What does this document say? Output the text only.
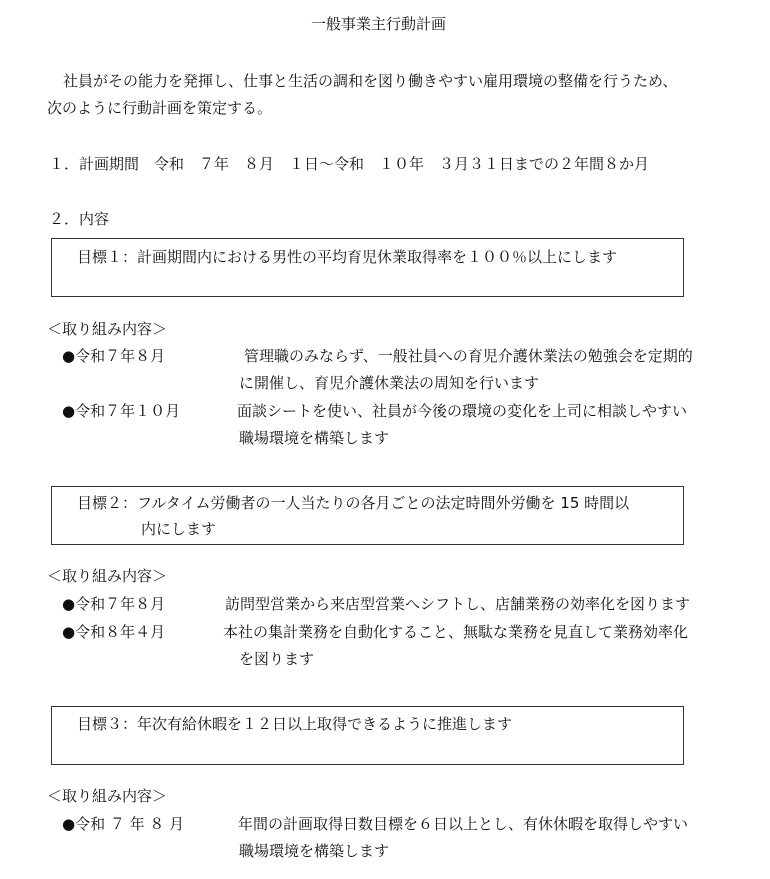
一般事業主行動計画
社員がその能力を発揮し、仕事と生活の調和を図り働きやすい雇用環境の整備を行うため、
次のように行動計画を策定する。
１．計画期間　令和　７年　８月　１日～令和　１０年　３月３１日までの２年間８か月
２．内容
目標１：計画期間内における男性の平均育児休業取得率を１００％以上にします
＜取り組み内容＞
●令和７年８月	管理職のみならず、一般社員への育児介護休業法の勉強会を定期的
に開催し、育児介護休業法の周知を行います
●令和７年１０月	面談シートを使い、社員が今後の環境の変化を上司に相談しやすい
職場環境を構築します
目標２：フルタイム労働者の一人当たりの各月ごとの法定時間外労働を 15 時間以
内にします
＜取り組み内容＞
●令和７年８月	訪問型営業から来店型営業へシフトし、店舗業務の効率化を図ります
●令和８年４月	本社の集計業務を自動化すること、無駄な業務を見直して業務効率化
を図ります
目標３：年次有給休暇を１２日以上取得できるように推進します
＜取り組み内容＞
●令和 ７ 年 ８ 月	年間の計画取得日数目標を６日以上とし、有休休暇を取得しやすい
職場環境を構築します
